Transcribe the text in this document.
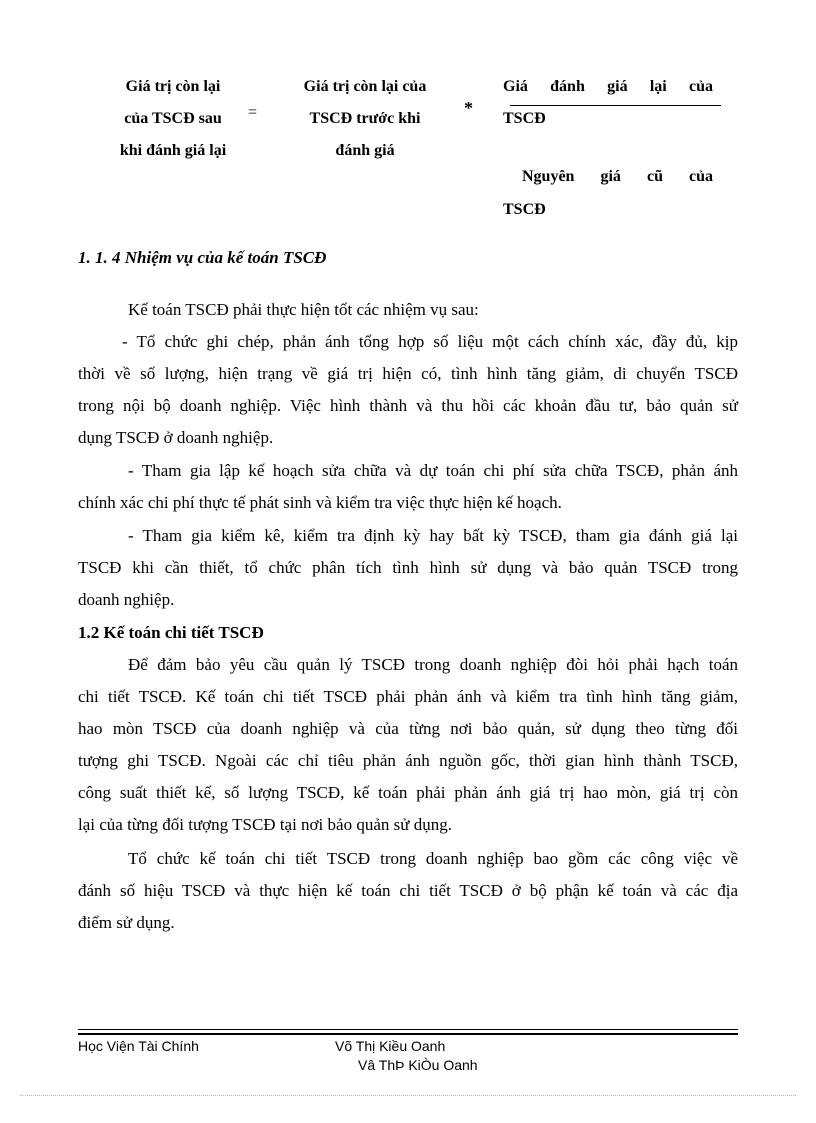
Giá trị còn lại
của TSCĐ sau
khi đánh giá lại
=
Giá trị còn lại của
TSCĐ trước khi
đánh giá
*
Giá đánh giá lại của
TSCĐ
Nguyên giá cũ của
TSCĐ
1. 1. 4 Nhiệm vụ của kế toán TSCĐ
Kế toán TSCĐ phải thực hiện tốt các nhiệm vụ sau:
- Tổ chức ghi chép, phản ánh tổng hợp số liệu một cách chính xác, đầy đủ, kịp
thời về số lượng, hiện trạng về giá trị hiện có, tình hình tăng giảm, di chuyển TSCĐ
trong nội bộ doanh nghiệp. Việc hình thành và thu hồi các khoản đầu tư, bảo quản sử
dụng TSCĐ ở doanh nghiệp.
- Tham gia lập kế hoạch sửa chữa và dự toán chi phí sửa chữa TSCĐ, phản ánh
chính xác chi phí thực tế phát sinh và kiểm tra việc thực hiện kế hoạch.
- Tham gia kiểm kê, kiểm tra định kỳ hay bất kỳ TSCĐ, tham gia đánh giá lại
TSCĐ khi cần thiết, tổ chức phân tích tình hình sử dụng và bảo quản TSCĐ trong
doanh nghiệp.
1.2 Kế toán chi tiết TSCĐ
Để đảm bảo yêu cầu quản lý TSCĐ trong doanh nghiệp đòi hỏi phải hạch toán
chi tiết TSCĐ. Kế toán chi tiết TSCĐ phải phản ánh và kiểm tra tình hình tăng giảm,
hao mòn TSCĐ của doanh nghiệp và của từng nơi bảo quản, sử dụng theo từng đối
tượng ghi TSCĐ. Ngoài các chỉ tiêu phản ánh nguồn gốc, thời gian hình thành TSCĐ,
công suất thiết kế, số lượng TSCĐ, kế toán phải phản ánh giá trị hao mòn, giá trị còn
lại của từng đối tượng TSCĐ tại nơi bảo quản sử dụng.
Tổ chức kế toán chi tiết TSCĐ trong doanh nghiệp bao gồm các công việc về
đánh số hiệu TSCĐ và thực hiện kế toán chi tiết TSCĐ ở bộ phận kế toán và các địa
điểm sử dụng.
Học Viện Tài Chính	Võ Thị Kiều Oanh
Vâ ThÞ KiÒu Oanh
